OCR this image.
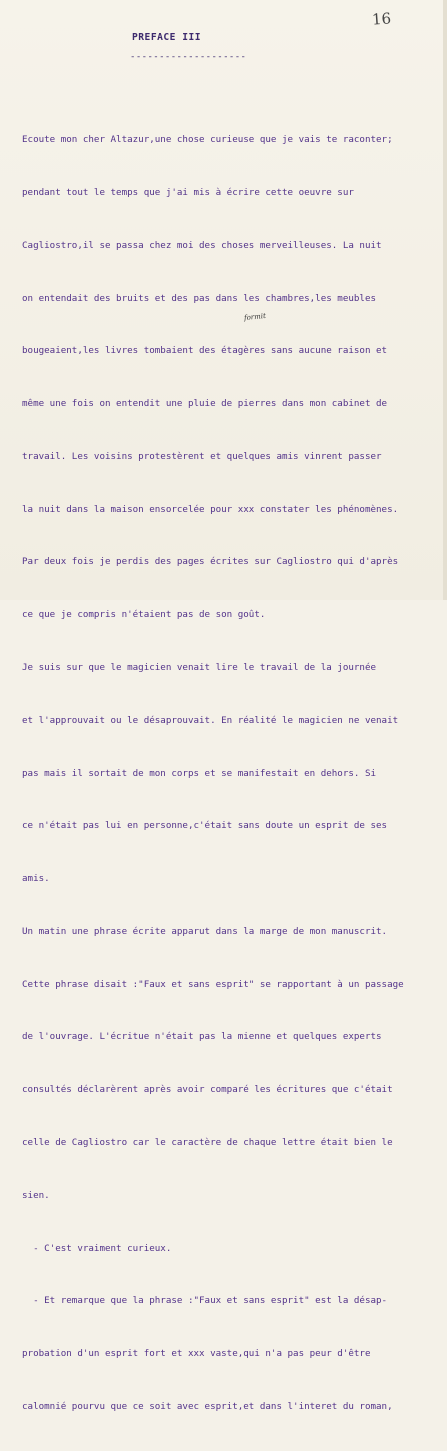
16
PREFACE III
--------------------
formit

Ecoute mon cher Altazur,une chose curieuse que je vais te raconter;

pendant tout le temps que j'ai mis à écrire cette oeuvre sur

Cagliostro,il se passa chez moi des choses merveilleuses. La nuit

on entendait des bruits et des pas dans les chambres,les meubles

bougeaient,les livres tombaient des étagères sans aucune raison et

même une fois on entendit une pluie de pierres dans mon cabinet de

travail. Les voisins protestèrent et quelques amis vinrent passer

la nuit dans la maison ensorcelée pour xxx constater les phénomènes.

Par deux fois je perdis des pages écrites sur Cagliostro qui d'après

ce que je compris n'étaient pas de son goût.

Je suis sur que le magicien venait lire le travail de la journée

et l'approuvait ou le désaprouvait. En réalité le magicien ne venait

pas mais il sortait de mon corps et se manifestait en dehors. Si

ce n'était pas lui en personne,c'était sans doute un esprit de ses

amis.

Un matin une phrase écrite apparut dans la marge de mon manuscrit.

Cette phrase disait :"Faux et sans esprit" se rapportant à un passage

de l'ouvrage. L'écritue n'était pas la mienne et quelques experts

consultés déclarèrent après avoir comparé les écritures que c'était

celle de Cagliostro car le caractère de chaque lettre était bien le

sien.

- C'est vraiment curieux.

- Et remarque que la phrase :"Faux et sans esprit" est la désap-

probation d'un esprit fort et xxx vaste,qui n'a pas peur d'être

calomnié pourvu que ce soit avec esprit,et dans l'interet du roman,
